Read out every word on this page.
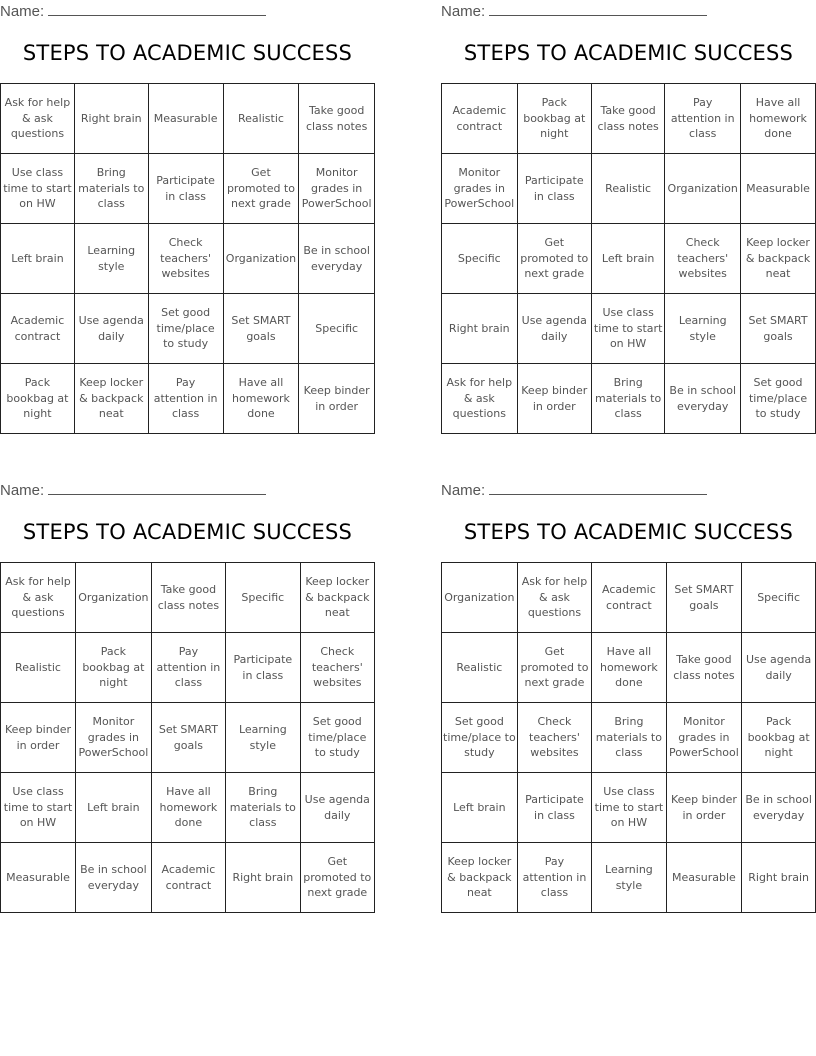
Name:
STEPS TO ACADEMIC SUCCESS
Ask for help & ask questions	Right brain	Measurable	Realistic	Take good class notes
Use class time to start on HW	Bring materials to class	Participate in class	Get promoted to next grade	Monitor grades in PowerSchool
Left brain	Learning style	Check teachers' websites	Organization	Be in school everyday
Academic contract	Use agenda daily	Set good time/place to study	Set SMART goals	Specific
Pack bookbag at night	Keep locker & backpack neat	Pay attention in class	Have all homework done	Keep binder in order
Name:
STEPS TO ACADEMIC SUCCESS
Academic contract	Pack bookbag at night	Take good class notes	Pay attention in class	Have all homework done
Monitor grades in PowerSchool	Participate in class	Realistic	Organization	Measurable
Specific	Get promoted to next grade	Left brain	Check teachers' websites	Keep locker & backpack neat
Right brain	Use agenda daily	Use class time to start on HW	Learning style	Set SMART goals
Ask for help & ask questions	Keep binder in order	Bring materials to class	Be in school everyday	Set good time/place to study
Name:
STEPS TO ACADEMIC SUCCESS
Ask for help & ask questions	Organization	Take good class notes	Specific	Keep locker & backpack neat
Realistic	Pack bookbag at night	Pay attention in class	Participate in class	Check teachers' websites
Keep binder in order	Monitor grades in PowerSchool	Set SMART goals	Learning style	Set good time/place to study
Use class time to start on HW	Left brain	Have all homework done	Bring materials to class	Use agenda daily
Measurable	Be in school everyday	Academic contract	Right brain	Get promoted to next grade
Name:
STEPS TO ACADEMIC SUCCESS
Organization	Ask for help & ask questions	Academic contract	Set SMART goals	Specific
Realistic	Get promoted to next grade	Have all homework done	Take good class notes	Use agenda daily
Set good time/place to study	Check teachers' websites	Bring materials to class	Monitor grades in PowerSchool	Pack bookbag at night
Left brain	Participate in class	Use class time to start on HW	Keep binder in order	Be in school everyday
Keep locker & backpack neat	Pay attention in class	Learning style	Measurable	Right brain
